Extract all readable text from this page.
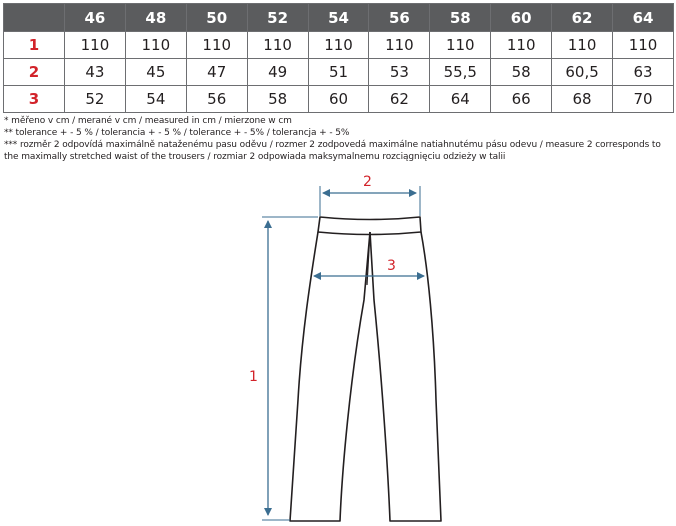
	46	48	50	52	54	56	58	60	62	64
1	110	110	110	110	110	110	110	110	110	110
2	43	45	47	49	51	53	55,5	58	60,5	63
3	52	54	56	58	60	62	64	66	68	70

* měřeno v cm / merané v cm / measured in cm / mierzone w cm

** tolerance + - 5 % / tolerancia + - 5 % / tolerance + - 5% / tolerancja + - 5%

*** rozměr 2 odpovídá maximálně nataženému pasu oděvu / rozmer 2 zodpovedá maximálne natiahnutému pásu odevu / measure 2 corresponds to the maximally stretched waist of the trousers / rozmiar 2 odpowiada maksymalnemu rozciągnięciu odzieży w talii

2
3
1
